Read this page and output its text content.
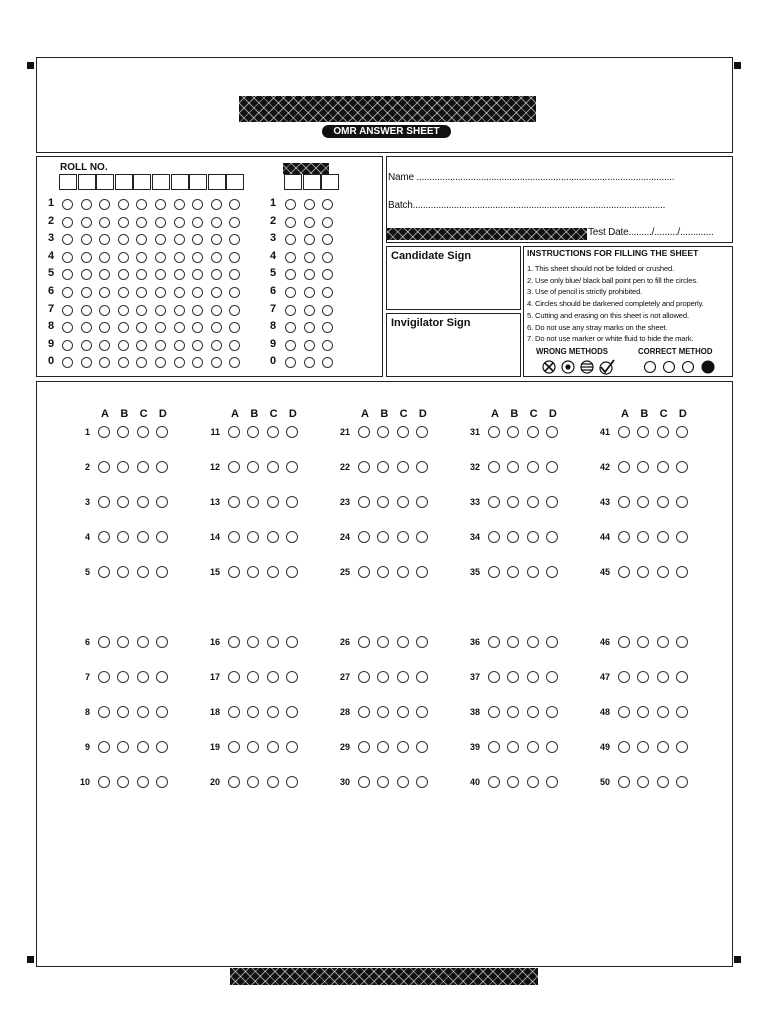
OMR ANSWER SHEET
ROLL NO.
1	1
2	2
3	3
4	4
5	5
6	6
7	7
8	8
9	9
0	0
Name ....................................................................................................
Batch..................................................................................................
Test Date........./........./.............
Candidate Sign
Invigilator Sign
INSTRUCTIONS FOR FILLING THE SHEET
1. This sheet should not be folded or crushed.
2. Use only blue/ black ball point pen to fill the circles.
3. Use of pencil is strictly prohibited.
4. Circles should be darkened completely and properly.
5. Cutting and erasing on this sheet is not allowed.
6. Do not use any stray marks on the sheet.
7. Do not use marker or white fluid to hide the mark.
WRONG METHODS	CORRECT METHOD
A B C D
1
2
3
4
5
6
7
8
9
10
A B C D
11
12
13
14
15
16
17
18
19
20
A B C D
21
22
23
24
25
26
27
28
29
30
A B C D
31
32
33
34
35
36
37
38
39
40
A B C D
41
42
43
44
45
46
47
48
49
50
